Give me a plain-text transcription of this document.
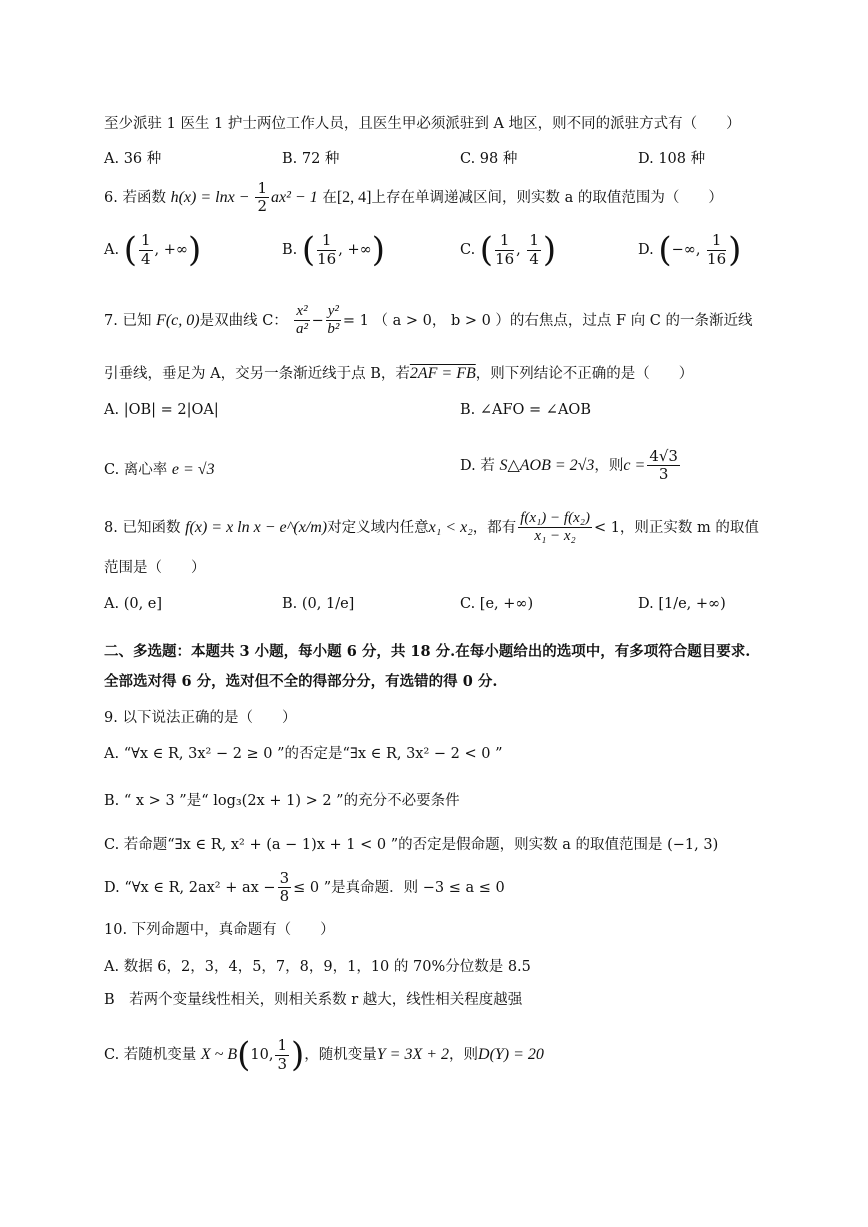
至少派驻 1 医生 1 护士两位工作人员，且医生甲必须派驻到 A 地区，则不同的派驻方式有（　　）
A. 36 种	B. 72 种	C. 98 种	D. 108 种
6. 若函数 $h(x) = \ln x - \frac{1}{2} ax^2 - 1$ 在[2, 4]上存在单调递减区间，则实数 a 的取值范围为（　　）
A. ( $\frac{1}{4}$ , +∞)	B. ( $\frac{1}{16}$ , +∞)	C. ( $\frac{1}{16}$ , $\frac{1}{4}$ )	D. (−∞, $\frac{1}{16}$ )
7. 已知 F(c, 0)是双曲线 C： $\frac{\text{x²}}{\text{a²}} - \frac{\text{y²}}{\text{b²}} = 1$ （ a > 0， b > 0 ）的右焦点，过点 F 向 C 的一条渐近线
引垂线，垂足为 A，交另一条渐近线于点 B，若2AF = FB，则下列结论不正确的是（　　）
A. |OB| = 2|OA|	B. ∠AFO = ∠AOB
C. 离心率 e = √3	D. 若 S△AOB = 2√3，则$c = \frac{4√3}{3}$
8. 已知函数 f(x) = x ln x − e^(x/m)对定义域内任意x₁ < x₂，都有 $\frac{\text{f(x₁) − f(x₂)}}{\text{x₁ − x₂}} < 1$，则正实数 m 的取值
范围是（　　）
A. (0, e]	B. (0, 1/e]	C. [e, +∞)	D. [1/e, +∞)
二、多选题：本题共 3 小题，每小题 6 分，共 18 分.在每小题给出的选项中，有多项符合题目要求.
全部选对得 6 分，选对但不全的得部分分，有选错的得 0 分.
9. 以下说法正确的是（　　）
A. “∀x ∈ R, 3x² − 2 ≥ 0 ”的否定是“∃x ∈ R, 3x² − 2 < 0 ”
B. “ x > 3 ”是“ log₃(2x + 1) > 2 ”的充分不必要条件
C. 若命题“∃x ∈ R, x² + (a − 1)x + 1 < 0 ”的否定是假命题，则实数 a 的取值范围是 (−1, 3)
D. “∀x ∈ R, 2ax² + ax − $\frac{3}{8} \le 0$ ”是真命题．则 −3 ≤ a ≤ 0
10. 下列命题中，真命题有（　　）
A. 数据 6，2，3，4，5，7，8，9，1，10 的 70%分位数是 8.5
B　若两个变量线性相关，则相关系数 r 越大，线性相关程度越强
C. 若随机变量 X ~ B(10, $\frac{1}{3}$ )，随机变量Y = 3X + 2，则D(Y) = 20
